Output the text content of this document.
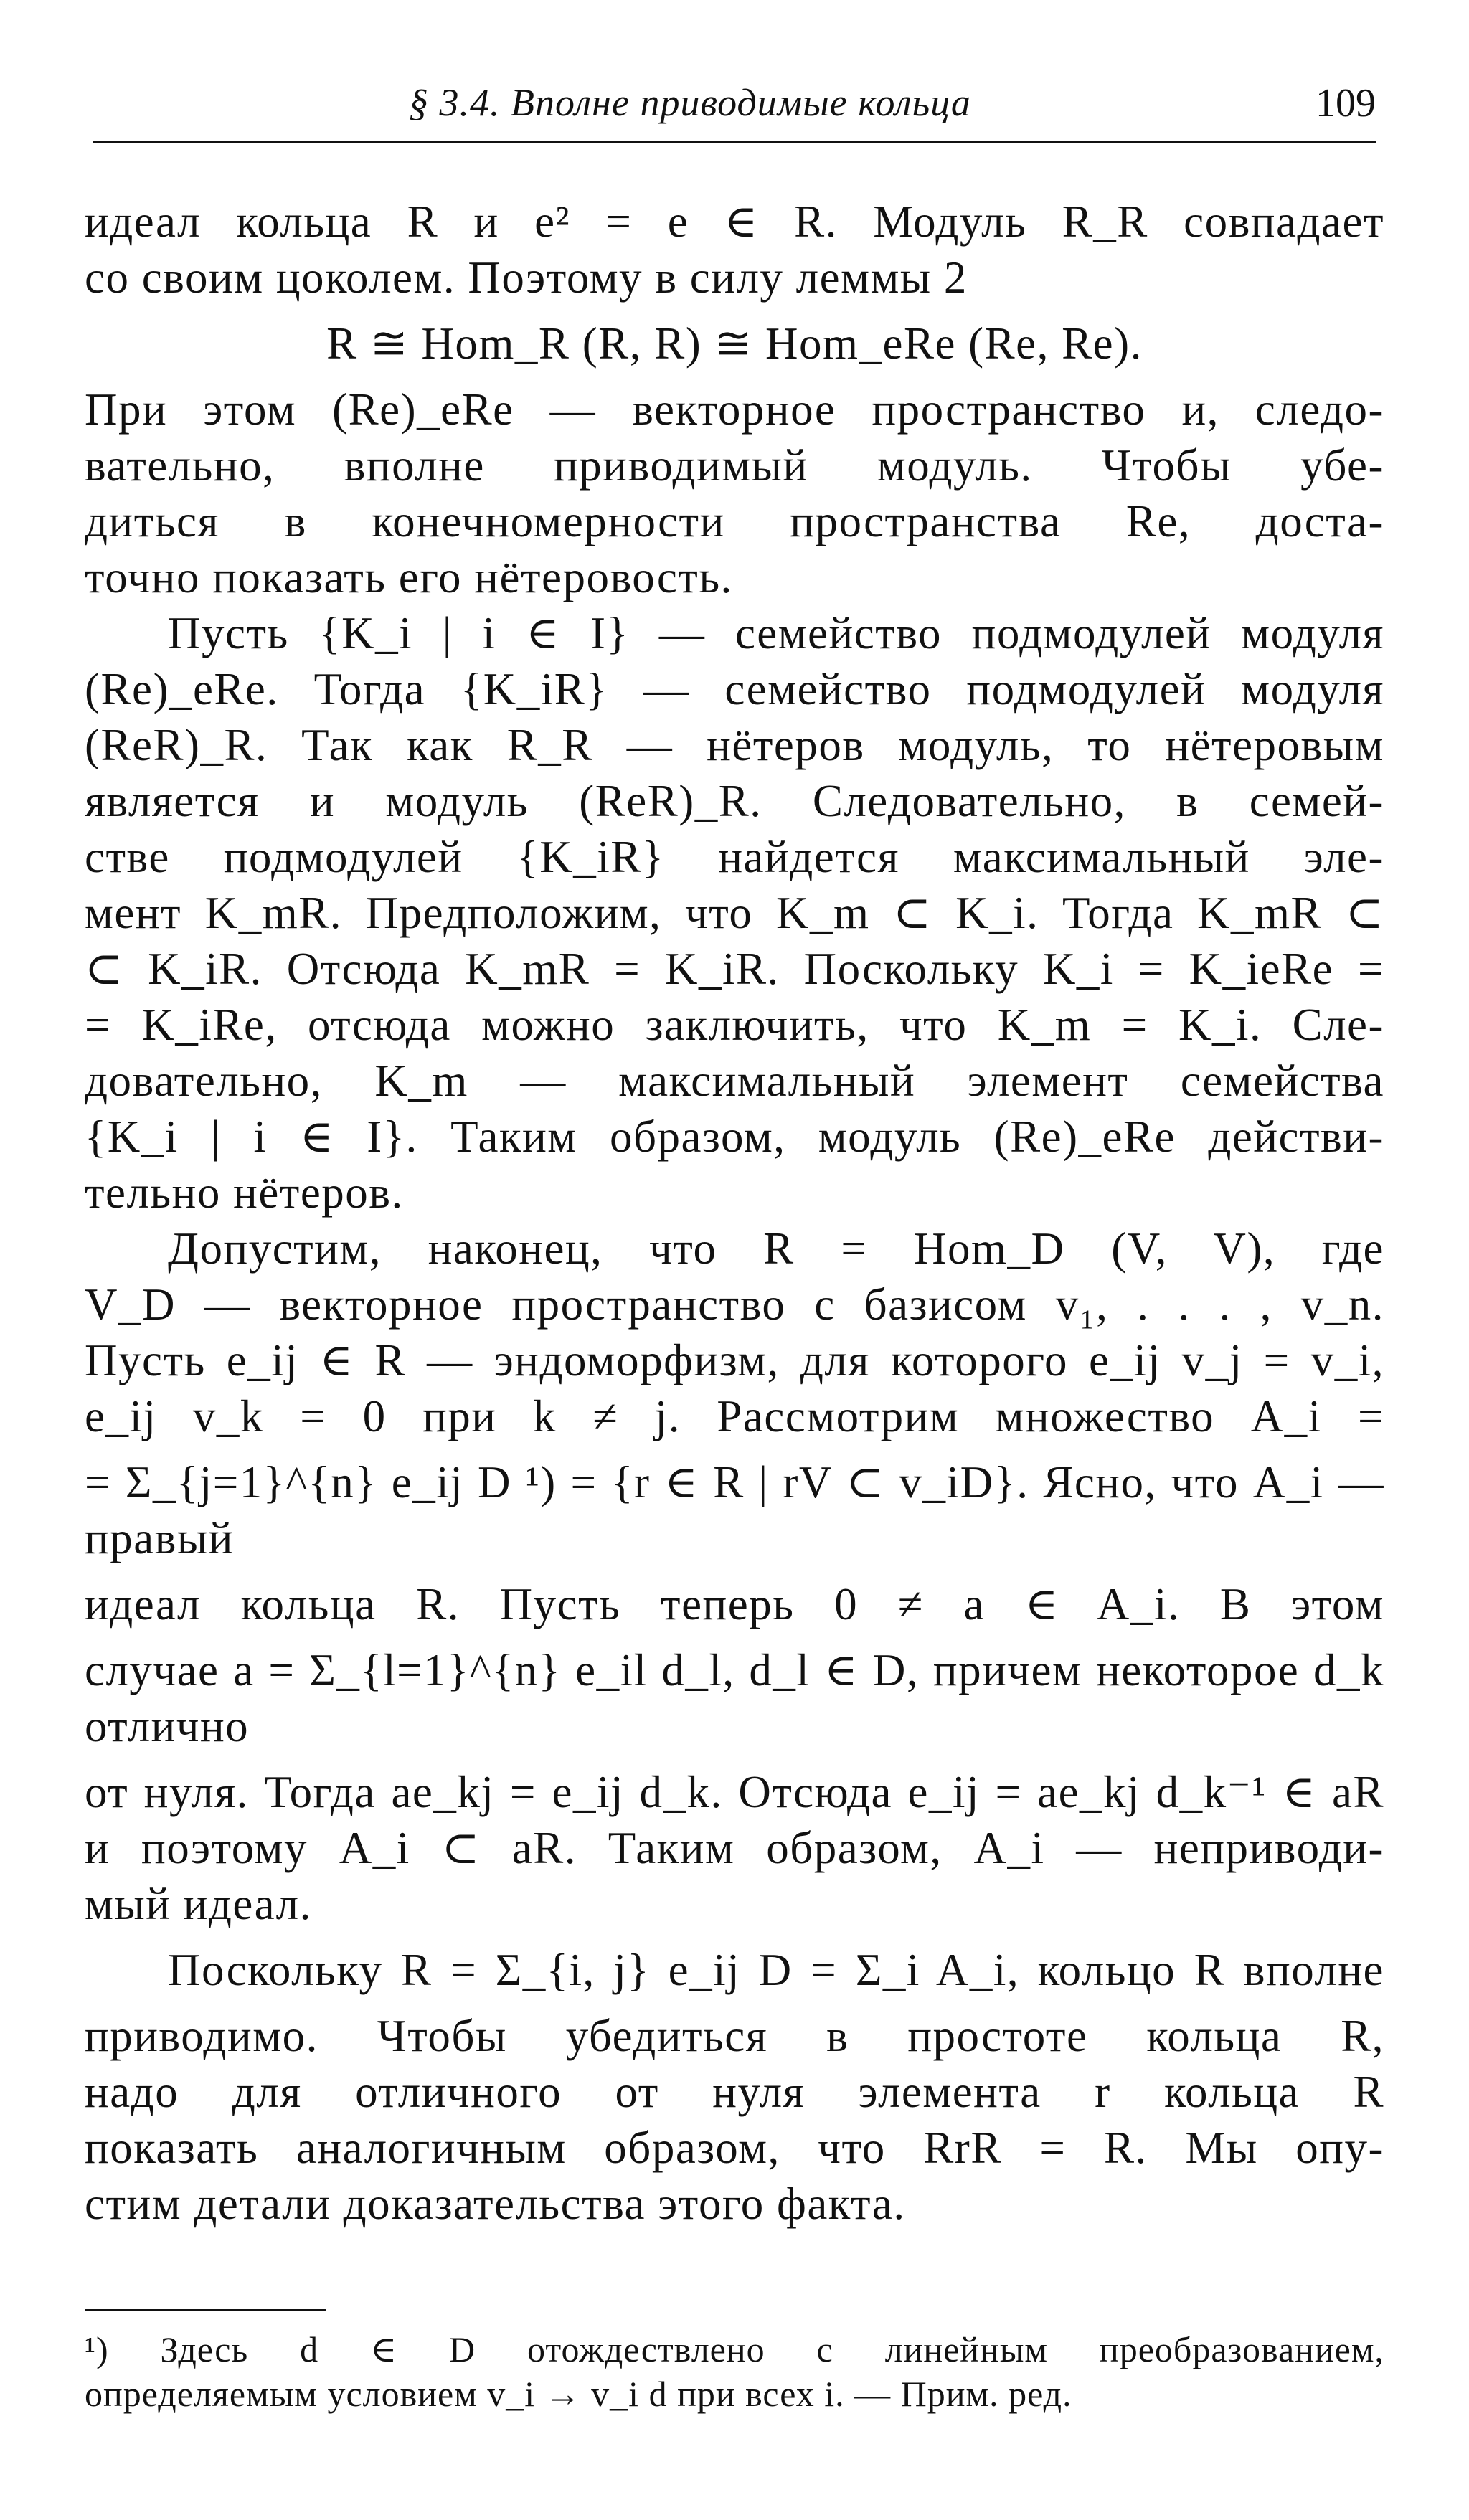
§ 3.4. Вполне приводимые кольца	109
идеал кольца R и e² = e ∈ R. Модуль R_R совпадает
со своим цоколем. Поэтому в силу леммы 2
R ≅ Hom_R (R, R) ≅ Hom_eRe (Re, Re).
При этом (Re)_eRe — векторное пространство и, следо-
вательно, вполне приводимый модуль. Чтобы убе-
диться в конечномерности пространства Re, доста-
точно показать его нётеровость.
Пусть {K_i | i ∈ I} — семейство подмодулей модуля
(Re)_eRe. Тогда {K_iR} — семейство подмодулей модуля
(ReR)_R. Так как R_R — нётеров модуль, то нётеровым
является и модуль (ReR)_R. Следовательно, в семей-
стве подмодулей {K_iR} найдется максимальный эле-
мент K_mR. Предположим, что K_m ⊂ K_i. Тогда K_mR ⊂
⊂ K_iR. Отсюда K_mR = K_iR. Поскольку K_i = K_ieRe =
= K_iRe, отсюда можно заключить, что K_m = K_i. Сле-
довательно, K_m — максимальный элемент семейства
{K_i | i ∈ I}. Таким образом, модуль (Re)_eRe действи-
тельно нётеров.
Допустим, наконец, что R = Hom_D (V, V), где
V_D — векторное пространство с базисом v₁, . . . , v_n.
Пусть e_ij ∈ R — эндоморфизм, для которого e_ij v_j = v_i,
e_ij v_k = 0 при k ≠ j. Рассмотрим множество A_i =
= Σ_{j=1}^{n} e_ij D ¹) = {r ∈ R | rV ⊂ v_iD}. Ясно, что A_i — правый
идеал кольца R. Пусть теперь 0 ≠ a ∈ A_i. В этом
случае a = Σ_{l=1}^{n} e_il d_l, d_l ∈ D, причем некоторое d_k отлично
от нуля. Тогда ae_kj = e_ij d_k. Отсюда e_ij = ae_kj d_k⁻¹ ∈ aR
и поэтому A_i ⊂ aR. Таким образом, A_i — неприводи-
мый идеал.
Поскольку R = Σ_{i, j} e_ij D = Σ_i A_i, кольцо R вполне
приводимо. Чтобы убедиться в простоте кольца R,
надо для отличного от нуля элемента r кольца R
показать аналогичным образом, что RrR = R. Мы опу-
стим детали доказательства этого факта.
¹) Здесь d ∈ D отождествлено с линейным преобразованием,
определяемым условием v_i → v_i d при всех i. — Прим. ред.
